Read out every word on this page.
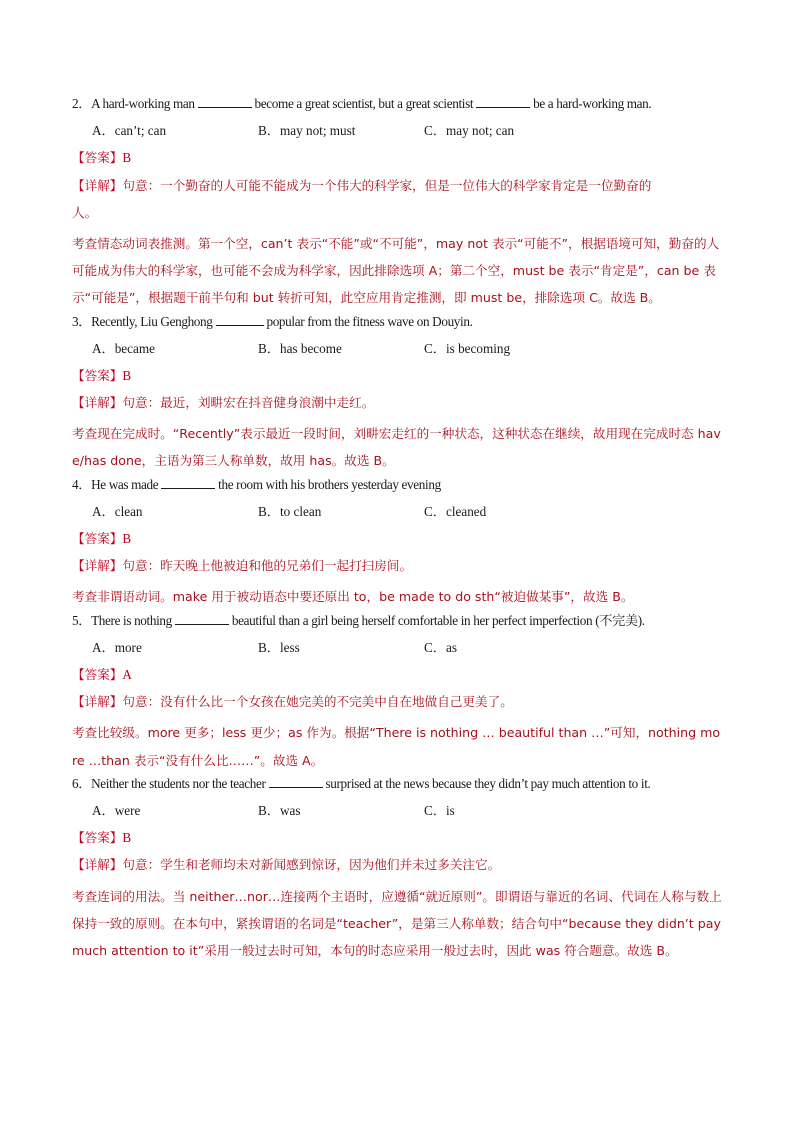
2．A hard-working man	become a great scientist, but a great scientist	be a hard-working man.
A．can’t; can	B．may not; must	C．may not; can
【答案】B
【详解】句意：一个勤奋的人可能不能成为一个伟大的科学家，但是一位伟大的科学家肯定是一位勤奋的
人。
考查情态动词表推测。第一个空，can’t 表示“不能”或“不可能”，may not 表示“可能不”，根据语境可知，勤奋的人可能成为伟大的科学家，也可能不会成为科学家，因此排除选项 A；第二个空，must be 表示“肯定是”，can be 表示“可能是”，根据题干前半句和 but 转折可知，此空应用肯定推测，即 must be，排除选项 C。故选 B。
3．Recently, Liu Genghong	popular from the fitness wave on Douyin.
A．became	B．has become	C．is becoming
【答案】B
【详解】句意：最近，刘畊宏在抖音健身浪潮中走红。
考查现在完成时。“Recently”表示最近一段时间，刘畊宏走红的一种状态，这种状态在继续，故用现在完成时态 have/has done，主语为第三人称单数，故用 has。故选 B。
4．He was made	the room with his brothers yesterday evening
A．clean	B．to clean	C．cleaned
【答案】B
【详解】句意：昨天晚上他被迫和他的兄弟们一起打扫房间。
考查非谓语动词。make 用于被动语态中要还原出 to，be made to do sth“被迫做某事”，故选 B。
5．There is nothing	beautiful than a girl being herself comfortable in her perfect imperfection (不完美).
A．more	B．less	C．as
【答案】A
【详解】句意：没有什么比一个女孩在她完美的不完美中自在地做自己更美了。
考查比较级。more 更多；less 更少；as 作为。根据“There is nothing … beautiful than …”可知，nothing more …than 表示“没有什么比……”。故选 A。
6．Neither the students nor the teacher	surprised at the news because they didn’t pay much attention to it.
A．were	B．was	C．is
【答案】B
【详解】句意：学生和老师均未对新闻感到惊讶，因为他们并未过多关注它。
考查连词的用法。当 neither…nor…连接两个主语时，应遵循“就近原则”。即谓语与靠近的名词、代词在人称与数上保持一致的原则。在本句中，紧挨谓语的名词是“teacher”，是第三人称单数；结合句中“because they didn’t pay much attention to it”采用一般过去时可知，本句的时态应采用一般过去时，因此 was 符合题意。故选 B。
